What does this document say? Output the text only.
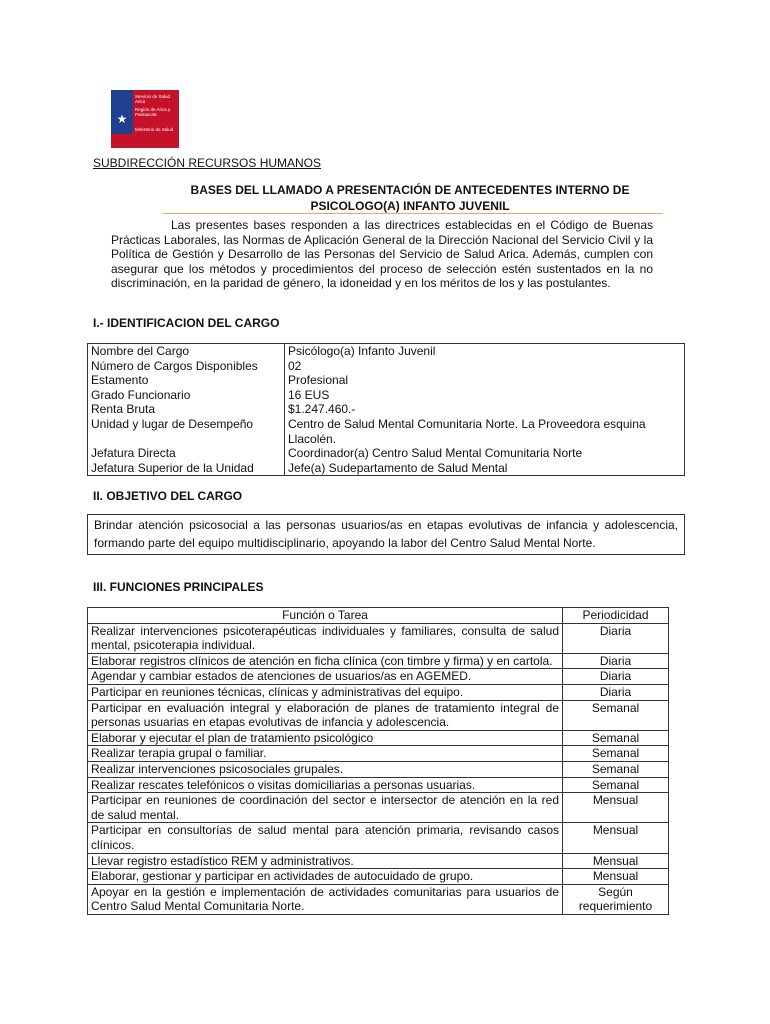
★
Servicio de Salud Arica
Región de Arica y Parinacota
Ministerio de Salud
SUBDIRECCIÓN RECURSOS HUMANOS
BASES DEL LLAMADO A PRESENTACIÓN DE ANTECEDENTES INTERNO DE
PSICOLOGO(A) INFANTO JUVENIL
Las presentes bases responden a las directrices establecidas en el Código de Buenas Prácticas Laborales, las Normas de Aplicación General de la Dirección Nacional del Servicio Civil y la Política de Gestión y Desarrollo de las Personas del Servicio de Salud Arica. Además, cumplen con asegurar que los métodos y procedimientos del proceso de selección estén sustentados en la no discriminación, en la paridad de género, la idoneidad y en los méritos de los y las postulantes.
I.- IDENTIFICACION DEL CARGO
Nombre del Cargo	Psicólogo(a) Infanto Juvenil
Número de Cargos Disponibles	02
Estamento	Profesional
Grado Funcionario	16 EUS
Renta Bruta	$1.247.460.-
Unidad y lugar de Desempeño	Centro de Salud Mental Comunitaria Norte. La Proveedora esquina Llacolén.
Jefatura Directa	Coordinador(a) Centro Salud Mental Comunitaria Norte
Jefatura Superior de la Unidad	Jefe(a) Sudepartamento de Salud Mental
II. OBJETIVO DEL CARGO
Brindar atención psicosocial a las personas usuarios/as en etapas evolutivas de infancia y adolescencia, formando parte del equipo multidisciplinario, apoyando la labor del Centro Salud Mental Norte.
III. FUNCIONES PRINCIPALES
Función o Tarea	Periodicidad
Realizar intervenciones psicoterapéuticas individuales y familiares, consulta de salud mental, psicoterapia individual.	Diaria
Elaborar registros clínicos de atención en ficha clínica (con timbre y firma) y en cartola.	Diaria
Agendar y cambiar estados de atenciones de usuarios/as en AGEMED.	Diaria
Participar en reuniones técnicas, clínicas y administrativas del equipo.	Diaria
Participar en evaluación integral y elaboración de planes de tratamiento integral de personas usuarias en etapas evolutivas de infancia y adolescencia.	Semanal
Elaborar y ejecutar el plan de tratamiento psicológico	Semanal
Realizar terapia grupal o familiar.	Semanal
Realizar intervenciones psicosociales grupales.	Semanal
Realizar rescates telefónicos o visitas domiciliarias a personas usuarias.	Semanal
Participar en reuniones de coordinación del sector e intersector de atención en la red de salud mental.	Mensual
Participar en consultorías de salud mental para atención primaria, revisando casos clínicos.	Mensual
Llevar registro estadístico REM y administrativos.	Mensual
Elaborar, gestionar y participar en actividades de autocuidado de grupo.	Mensual
Apoyar en la gestión e implementación de actividades comunitarias para usuarios de Centro Salud Mental Comunitaria Norte.	Según requerimiento
